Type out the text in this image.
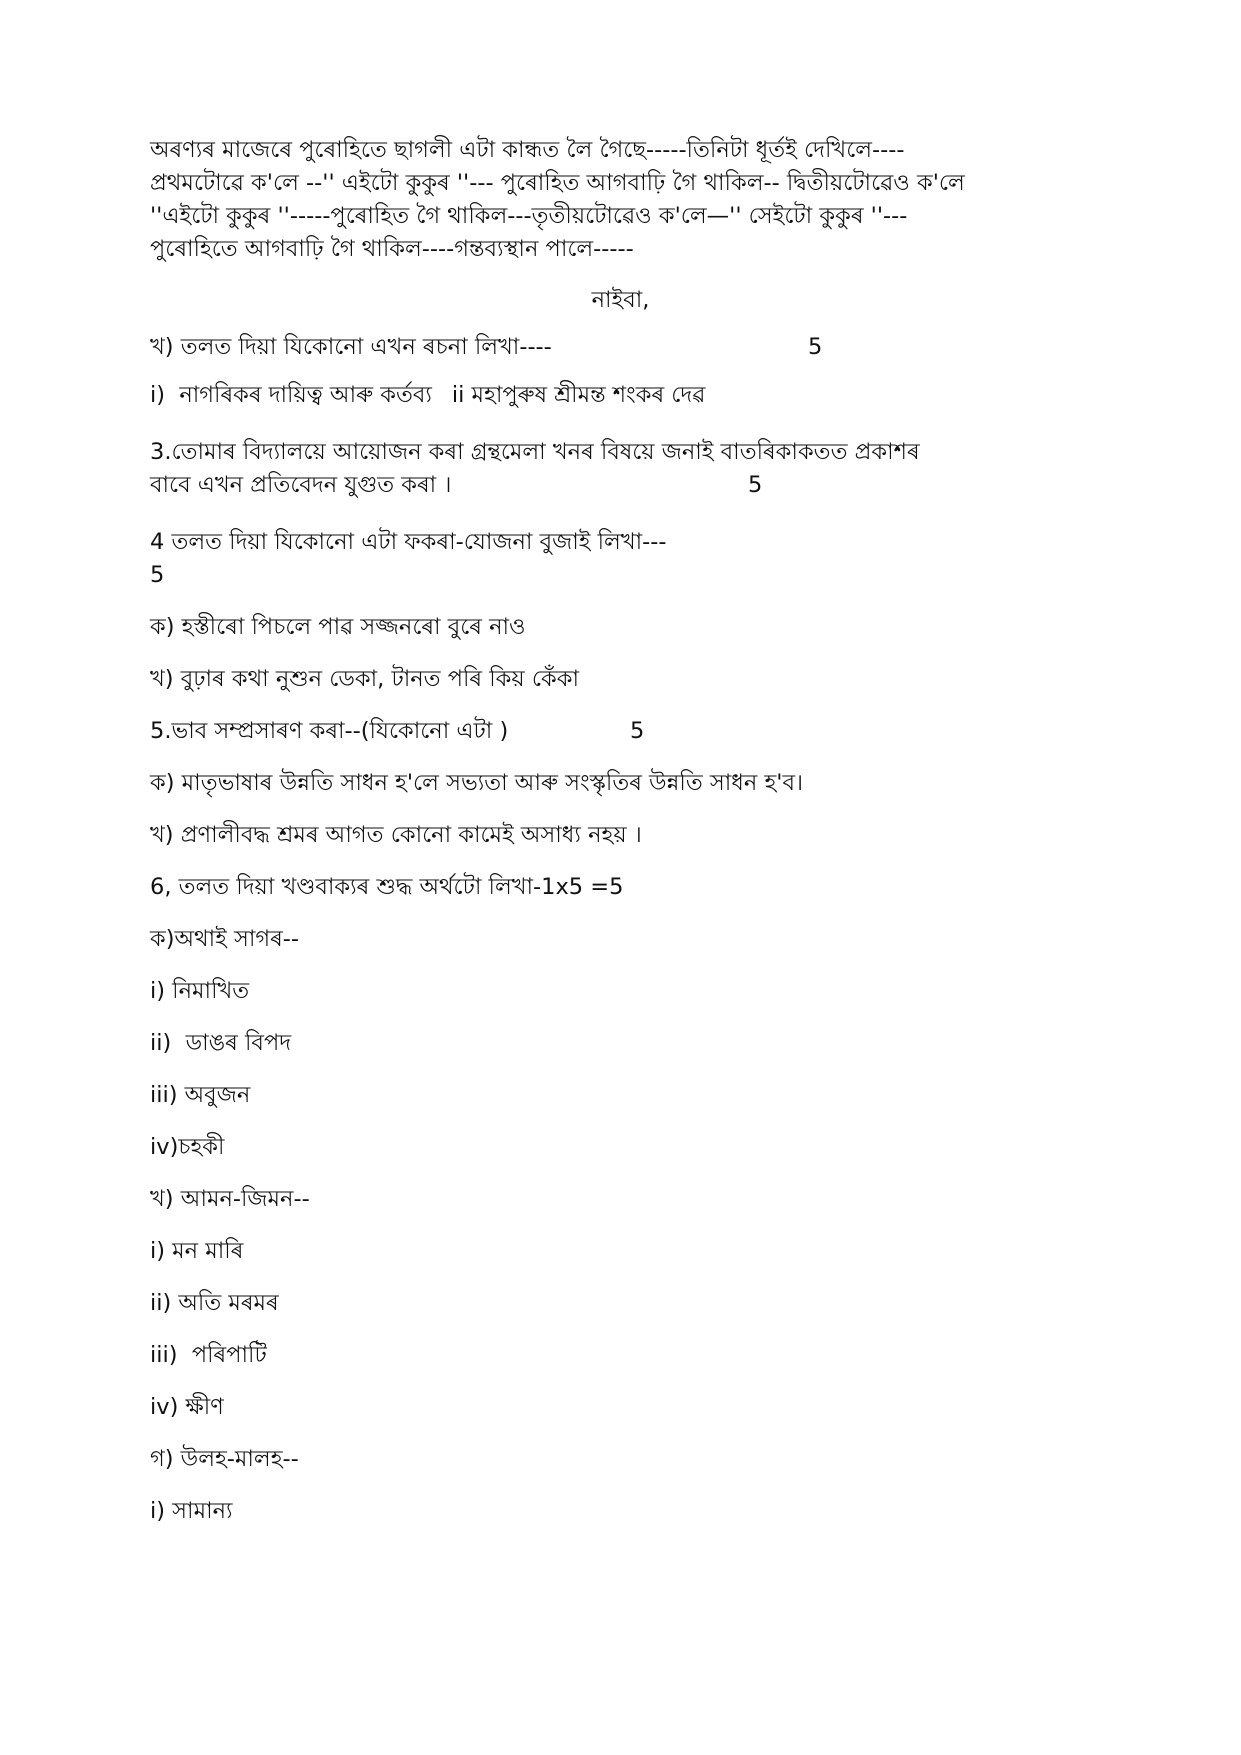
অৰণ্যৰ মাজেৰে পুৰোহিতে ছাগলী এটা কান্ধত লৈ গৈছে-----তিনিটা ধূৰ্তই দেখিলে----
প্ৰথমটোৱে ক'লে --'' এইটো কুকুৰ ''--- পুৰোহিত আগবাঢ়ি গৈ থাকিল-- দ্বিতীয়টোৱেও ক'লে
''এইটো কুকুৰ ''-----পুৰোহিত গৈ থাকিল---তৃতীয়টোৱেও ক'লে—'' সেইটো কুকুৰ ''---
পুৰোহিতে আগবাঢ়ি গৈ থাকিল----গন্তব্যস্থান পালে-----
নাইবা,
খ) তলত দিয়া যিকোনো এখন ৰচনা লিখা----	5
i)  নাগৰিকৰ দায়িত্ব আৰু কৰ্তব্য ii মহাপুৰুষ শ্ৰীমন্ত শংকৰ দেৱ
3.তোমাৰ বিদ্যালয়ে আয়োজন কৰা গ্ৰন্থমেলা খনৰ বিষয়ে জনাই বাতৰিকাকতত প্ৰকাশৰ
বাবে এখন প্ৰতিবেদন যুগুত কৰা ।	5
4 তলত দিয়া যিকোনো এটা ফকৰা-যোজনা বুজাই লিখা---
5
ক) হস্তীৰো পিচলে পাৱ সজ্জনৰো বুৰে নাও
খ) বুঢ়াৰ কথা নুশুন ডেকা, টানত পৰি কিয় কেঁকা
5.ভাব সম্প্ৰসাৰণ কৰা--(যিকোনো এটা )	5
ক) মাতৃভাষাৰ উন্নতি সাধন হ'লে সভ্যতা আৰু সংস্কৃতিৰ উন্নতি সাধন হ'ব।
খ) প্ৰণালীবদ্ধ শ্ৰমৰ আগত কোনো কামেই অসাধ্য নহয় ।
6, তলত দিয়া খণ্ডবাক্যৰ শুদ্ধ অৰ্থটো লিখা-1x5 =5
ক)অথাই সাগৰ--
i) নিমাখিত
ii)  ডাঙৰ বিপদ
iii) অবুজন
iv)চহকী
খ) আমন-জিমন--
i) মন মাৰি
ii) অতি মৰমৰ
iii)  পৰিপাটি
iv) ক্ষীণ
গ) উলহ-মালহ--
i) সামান্য
